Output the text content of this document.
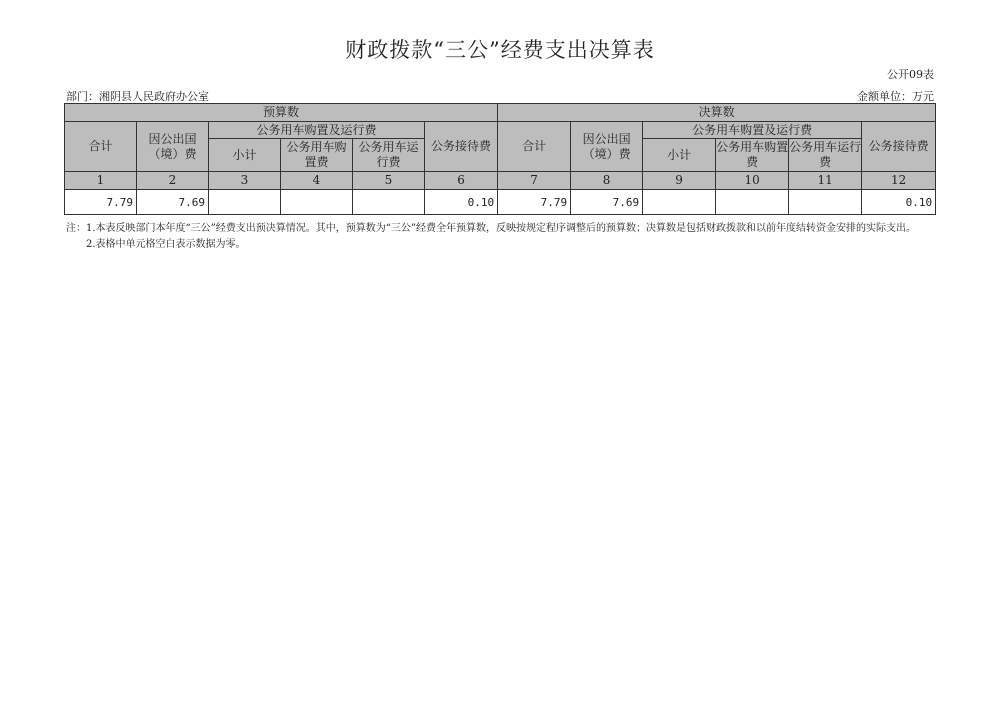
财政拨款“三公”经费支出决算表
公开09表
部门：湘阴县人民政府办公室	金额单位：万元
预算数						决算数					
合计	因公出国（境）费	公务用车购置及运行费			公务接待费	合计	因公出国（境）费	公务用车购置及运行费			公务接待费
		小计	公务用车购置费	公务用车运行费				小计	公务用车购置费	公务用车运行费	
1	2	3	4	5	6	7	8	9	10	11	12
7.79	7.69				0.10	7.79	7.69				0.10
注：1.本表反映部门本年度“三公”经费支出预决算情况。其中，预算数为“三公”经费全年预算数，反映按规定程序调整后的预算数；决算数是包括财政拨款和以前年度结转资金安排的实际支出。
2.表格中单元格空白表示数据为零。
